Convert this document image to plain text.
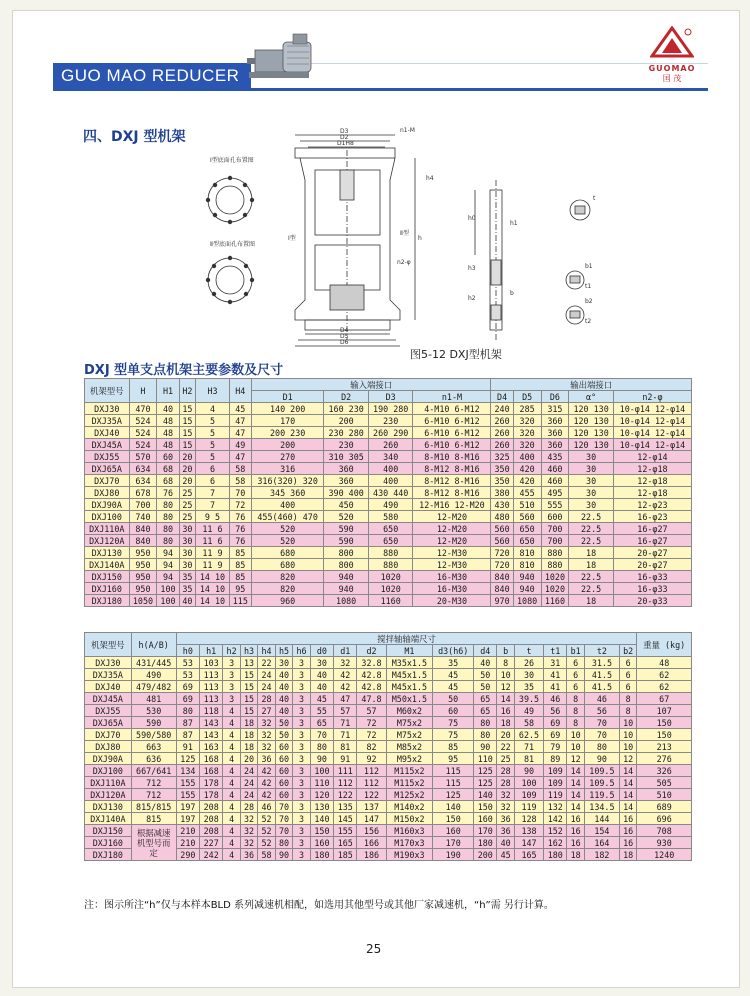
GUO MAO REDUCER	GUOMAO
国 茂
四、DXJ 型机架
Ⅰ型底面孔布置图
Ⅱ型底面孔布置图
D3
D2
D1H8
D4
D5
D6
n1-M
n2-φ
Ⅱ型
Ⅰ型	h
h0
h3
h2
h1
b
t
b1
t1
b2
t2
h4
图5-12 DXJ型机架
DXJ 型单支点机架主要参数及尺寸
机架型号	H	H1	H2	H3	H4	输入端接口				输出端接口				
						D1	D2	D3	n1-M	D4	D5	D6	α°	n2-φ
DXJ30	470	40	15	4	45	140 200	160 230	190 280	4-M10 6-M12	240	285	315	120 130	10-φ14 12-φ14
DXJ35A	524	48	15	5	47	170	200	230	6-M10 6-M12	260	320	360	120 130	10-φ14 12-φ14
DXJ40	524	48	15	5	47	200 230	230 280	260 290	6-M10 6-M12	260	320	360	120 130	10-φ14 12-φ14
DXJ45A	524	48	15	5	49	200	230	260	6-M10 6-M12	260	320	360	120 130	10-φ14 12-φ14
DXJ55	570	60	20	5	47	270	310 305	340	8-M10 8-M16	325	400	435	30	12-φ14
DXJ65A	634	68	20	6	58	316	360	400	8-M12 8-M16	350	420	460	30	12-φ18
DXJ70	634	68	20	6	58	316(320) 320	360	400	8-M12 8-M16	350	420	460	30	12-φ18
DXJ80	678	76	25	7	70	345 360	390 400	430 440	8-M12 8-M16	380	455	495	30	12-φ18
DXJ90A	700	80	25	7	72	400	450	490	12-M16 12-M20	430	510	555	30	12-φ23
DXJ100	740	80	25	9 5	76	455(460) 470	520	580	12-M20	480	560	600	22.5	16-φ23
DXJ110A	840	80	30	11 6	76	520	590	650	12-M20	560	650	700	22.5	16-φ27
DXJ120A	840	80	30	11 6	76	520	590	650	12-M20	560	650	700	22.5	16-φ27
DXJ130	950	94	30	11 9	85	680	800	880	12-M30	720	810	880	18	20-φ27
DXJ140A	950	94	30	11 9	85	680	800	880	12-M30	720	810	880	18	20-φ27
DXJ150	950	94	35	14 10	85	820	940	1020	16-M30	840	940	1020	22.5	16-φ33
DXJ160	950	100	35	14 10	95	820	940	1020	16-M30	840	940	1020	22.5	16-φ33
DXJ180	1050	100	40	14 10	115	960	1080	1160	20-M30	970	1080	1160	18	20-φ33
机架型号	h(A/B)	搅拌轴轴端尺寸																			重量 (kg)
		h0	h1	h2	h3	h4	h5	h6	d0	d1	d2	M1	d3(h6)	d4	b	t	t1	b1	t2	b2	
DXJ30	431/445	53	103	3	13	22	30	3	30	32	32.8	M35x1.5	35	40	8	26	31	6	31.5	6	48
DXJ35A	490	53	113	3	15	24	40	3	40	42	42.8	M45x1.5	45	50	10	30	41	6	41.5	6	62
DXJ40	479/482	69	113	3	15	24	40	3	40	42	42.8	M45x1.5	45	50	12	35	41	6	41.5	6	62
DXJ45A	481	69	113	3	15	28	40	3	45	47	47.8	M50x1.5	50	65	14	39.5	46	8	46	8	67
DXJ55	530	80	118	4	15	27	40	3	55	57	57	M60x2	60	65	16	49	56	8	56	8	107
DXJ65A	590	87	143	4	18	32	50	3	65	71	72	M75x2	75	80	18	58	69	8	70	10	150
DXJ70	590/580	87	143	4	18	32	50	3	70	71	72	M75x2	75	80	20	62.5	69	10	70	10	150
DXJ80	663	91	163	4	18	32	60	3	80	81	82	M85x2	85	90	22	71	79	10	80	10	213
DXJ90A	636	125	168	4	20	36	60	3	90	91	92	M95x2	95	110	25	81	89	12	90	12	276
DXJ100	667/641	134	168	4	24	42	60	3	100	111	112	M115x2	115	125	28	90	109	14	109.5	14	326
DXJ110A	712	155	178	4	24	42	60	3	110	112	112	M115x2	115	125	28	100	109	14	109.5	14	505
DXJ120A	712	155	178	4	24	42	60	3	120	122	122	M125x2	125	140	32	109	119	14	119.5	14	510
DXJ130	815/815	197	208	4	28	46	70	3	130	135	137	M140x2	140	150	32	119	132	14	134.5	14	689
DXJ140A	815	197	208	4	32	52	70	3	140	145	147	M150x2	150	160	36	128	142	16	144	16	696
DXJ150	根据减速机型号而定	210	208	4	32	52	70	3	150	155	156	M160x3	160	170	36	138	152	16	154	16	708
DXJ160		210	227	4	32	52	80	3	160	165	166	M170x3	170	180	40	147	162	16	164	16	930
DXJ180		290	242	4	36	58	90	3	180	185	186	M190x3	190	200	45	165	180	18	182	18	1240
注：图示所注“h”仅与本样本BLD 系列减速机相配，如选用其他型号或其他厂家减速机，“h”需 另行计算。
25
